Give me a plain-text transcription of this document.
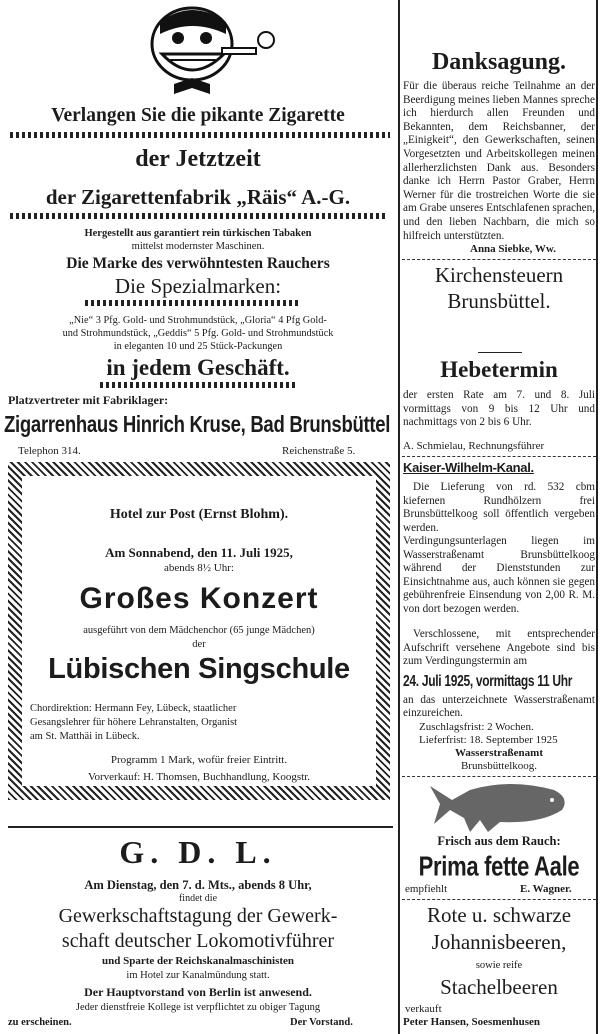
Verlangen Sie die pikante Zigarette
der Jetztzeit
der Zigarettenfabrik „Räis“ A.-G.
Hergestellt aus garantiert rein türkischen Tabaken
mittelst modernster Maschinen.
Die Marke des verwöhntesten Rauchers
Die Spezialmarken:
„Nie“ 3 Pfg. Gold- und Strohmundstück, „Gloria“ 4 Pfg Gold-
und Strohmundstück, „Geddis“ 5 Pfg. Gold- und Strohmundstück
in eleganten 10 und 25 Stück-Packungen
in jedem Geschäft.
Platzvertreter mit Fabriklager:
Zigarrenhaus Hinrich Kruse, Bad Brunsbüttel
Telephon 314.	Reichenstraße 5.
Hotel zur Post (Ernst Blohm).
Am Sonnabend, den 11. Juli 1925,
abends 8½ Uhr:
Großes Konzert
ausgeführt von dem Mädchenchor (65 junge Mädchen)
der
Lübischen Singschule
Chordirektion: Hermann Fey, Lübeck, staatlicher
Gesangslehrer für höhere Lehranstalten, Organist
am St. Matthäi in Lübeck.
Programm 1 Mark, wofür freier Eintritt.
Vorverkauf: H. Thomsen, Buchhandlung, Koogstr.
G. D. L.
Am Dienstag, den 7. d. Mts., abends 8 Uhr,
findet die
Gewerkschaftstagung der Gewerk-
schaft deutscher Lokomotivführer
und Sparte der Reichskanalmaschinisten
im Hotel zur Kanalmündung statt.
Der Hauptvorstand von Berlin ist anwesend.
Jeder dienstfreie Kollege ist verpflichtet zu obiger Tagung
zu erscheinen.	Der Vorstand.
Danksagung.
Für die überaus reiche Teilnahme an der Beerdigung meines lieben Mannes spreche ich hierdurch allen Freunden und Bekannten, dem Reichsbanner, der „Einigkeit“, den Gewerkschaften, seinen Vorgesetzten und Arbeitskollegen meinen allerherzlichsten Dank aus. Besonders danke ich Herrn Pastor Graber, Herrn Werner für die trostreichen Worte die sie am Grabe unseres Entschlafenen sprachen, und den lieben Nachbarn, die mich so hilfreich unterstützten.
Anna Siebke, Ww.
Kirchensteuern
Brunsbüttel.
Hebetermin
der ersten Rate am 7. und 8. Juli vormittags von 9 bis 12 Uhr und nachmittags von 2 bis 6 Uhr.
A. Schmielau, Rechnungsführer
Kaiser-Wilhelm-Kanal.
Die Lieferung von rd. 532 cbm kiefernen Rundhölzern frei Brunsbüttelkoog soll öffentlich vergeben werden.
Verdingungsunterlagen liegen im Wasserstraßenamt Brunsbüttelkoog während der Dienststunden zur Einsichtnahme aus, auch können sie gegen gebührenfreie Einsendung von 2,00 R. M. von dort bezogen werden.
Verschlossene, mit entsprechender Aufschrift versehene Angebote sind bis zum Verdingungstermin am
24. Juli 1925, vormittags 11 Uhr
an das unterzeichnete Wasserstraßenamt einzureichen.
Zuschlagsfrist: 2 Wochen.
Lieferfrist: 18. September 1925
Wasserstraßenamt
Brunsbüttelkoog.
Frisch aus dem Rauch:
Prima fette Aale
empfiehlt	E. Wagner.
Rote u. schwarze
Johannisbeeren,
sowie reife
Stachelbeeren
verkauft
Peter Hansen, Soesmenhusen
